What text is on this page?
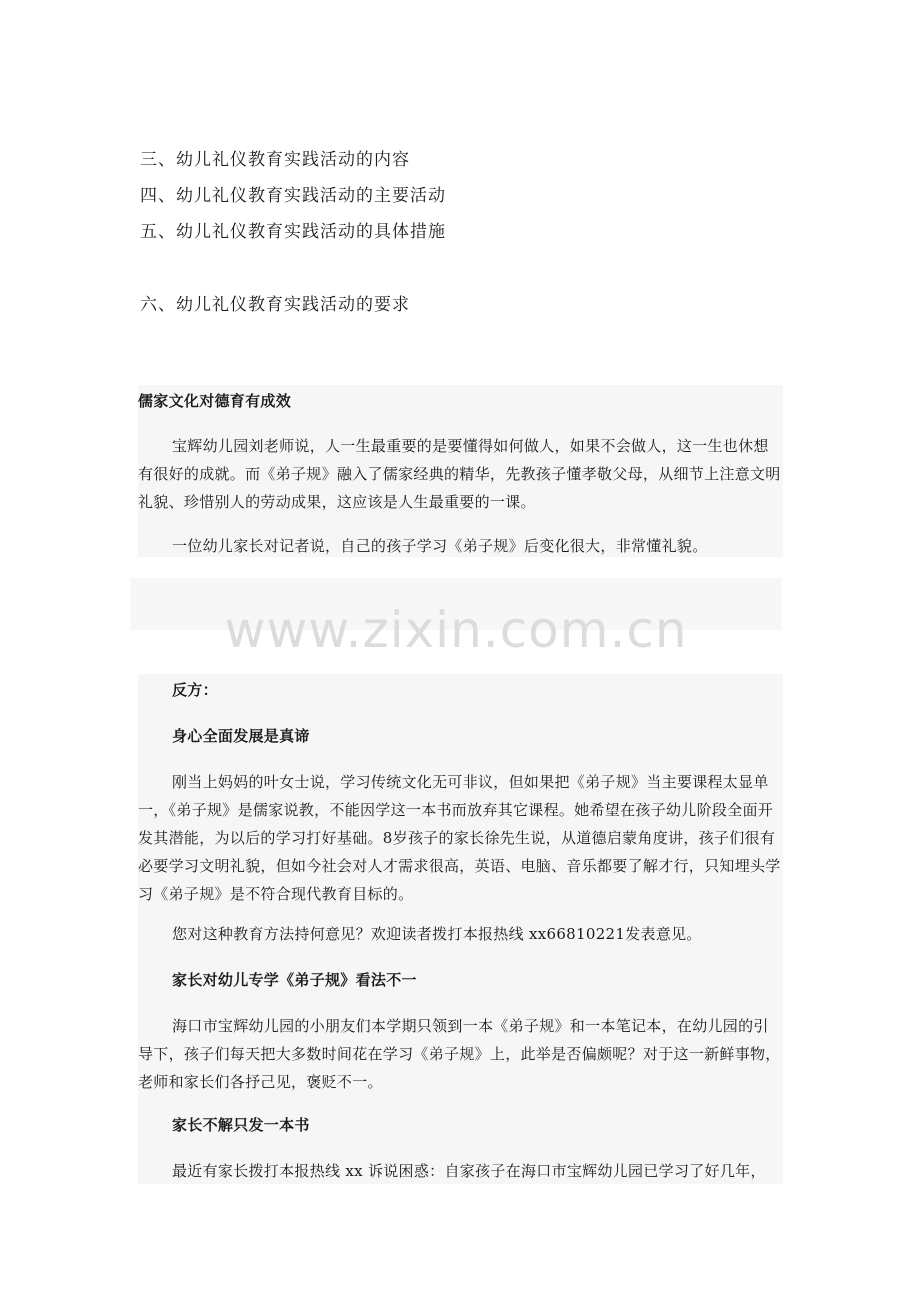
三、幼儿礼仪教育实践活动的内容
四、幼儿礼仪教育实践活动的主要活动
五、幼儿礼仪教育实践活动的具体措施
六、幼儿礼仪教育实践活动的要求
儒家文化对德育有成效
宝辉幼儿园刘老师说，人一生最重要的是要懂得如何做人，如果不会做人，这一生也休想有很好的成就。而《弟子规》融入了儒家经典的精华，先教孩子懂孝敬父母，从细节上注意文明礼貌、珍惜别人的劳动成果，这应该是人生最重要的一课。
一位幼儿家长对记者说，自己的孩子学习《弟子规》后变化很大，非常懂礼貌。
www.zixin.com.cn
反方：
身心全面发展是真谛
刚当上妈妈的叶女士说，学习传统文化无可非议，但如果把《弟子规》当主要课程太显单一，《弟子规》是儒家说教，不能因学这一本书而放弃其它课程。她希望在孩子幼儿阶段全面开发其潜能，为以后的学习打好基础。8岁孩子的家长徐先生说，从道德启蒙角度讲，孩子们很有必要学习文明礼貌，但如今社会对人才需求很高，英语、电脑、音乐都要了解才行，只知埋头学习《弟子规》是不符合现代教育目标的。
您对这种教育方法持何意见？欢迎读者拨打本报热线 xx66810221发表意见。
家长对幼儿专学《弟子规》看法不一
海口市宝辉幼儿园的小朋友们本学期只领到一本《弟子规》和一本笔记本，在幼儿园的引导下，孩子们每天把大多数时间花在学习《弟子规》上，此举是否偏颇呢？对于这一新鲜事物，老师和家长们各抒己见，褒贬不一。
家长不解只发一本书
最近有家长拨打本报热线 xx 诉说困惑：自家孩子在海口市宝辉幼儿园已学习了好几年，
